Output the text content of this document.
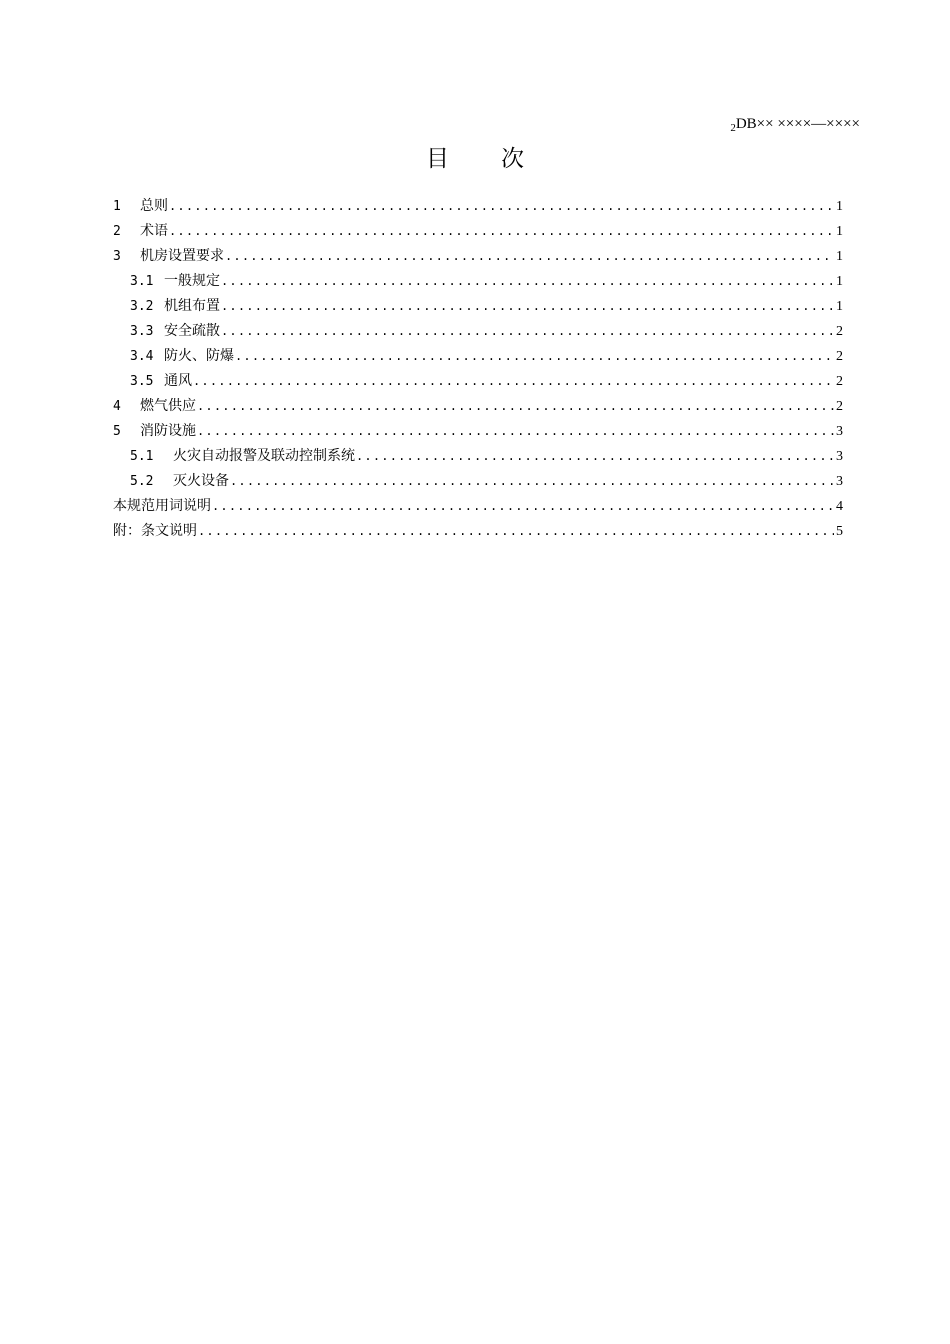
$_2$DB×× ××××—××××
目 次
1	总则 .....	1
2	术语 .....	1
3	机房设置要求 .....	1
3.1 一般规定 .....	1
3.2 机组布置 .....	1
3.3 安全疏散 .....	2
3.4 防火、防爆 .....	2
3.5 通风 .....	2
4	燃气供应 .....	2
5	消防设施 .....	3
5.1	火灾自动报警及联动控制系统 .....	3
5.2	灭火设备 .....	3
本规范用词说明 .....	4
附：条文说明 .....	5
